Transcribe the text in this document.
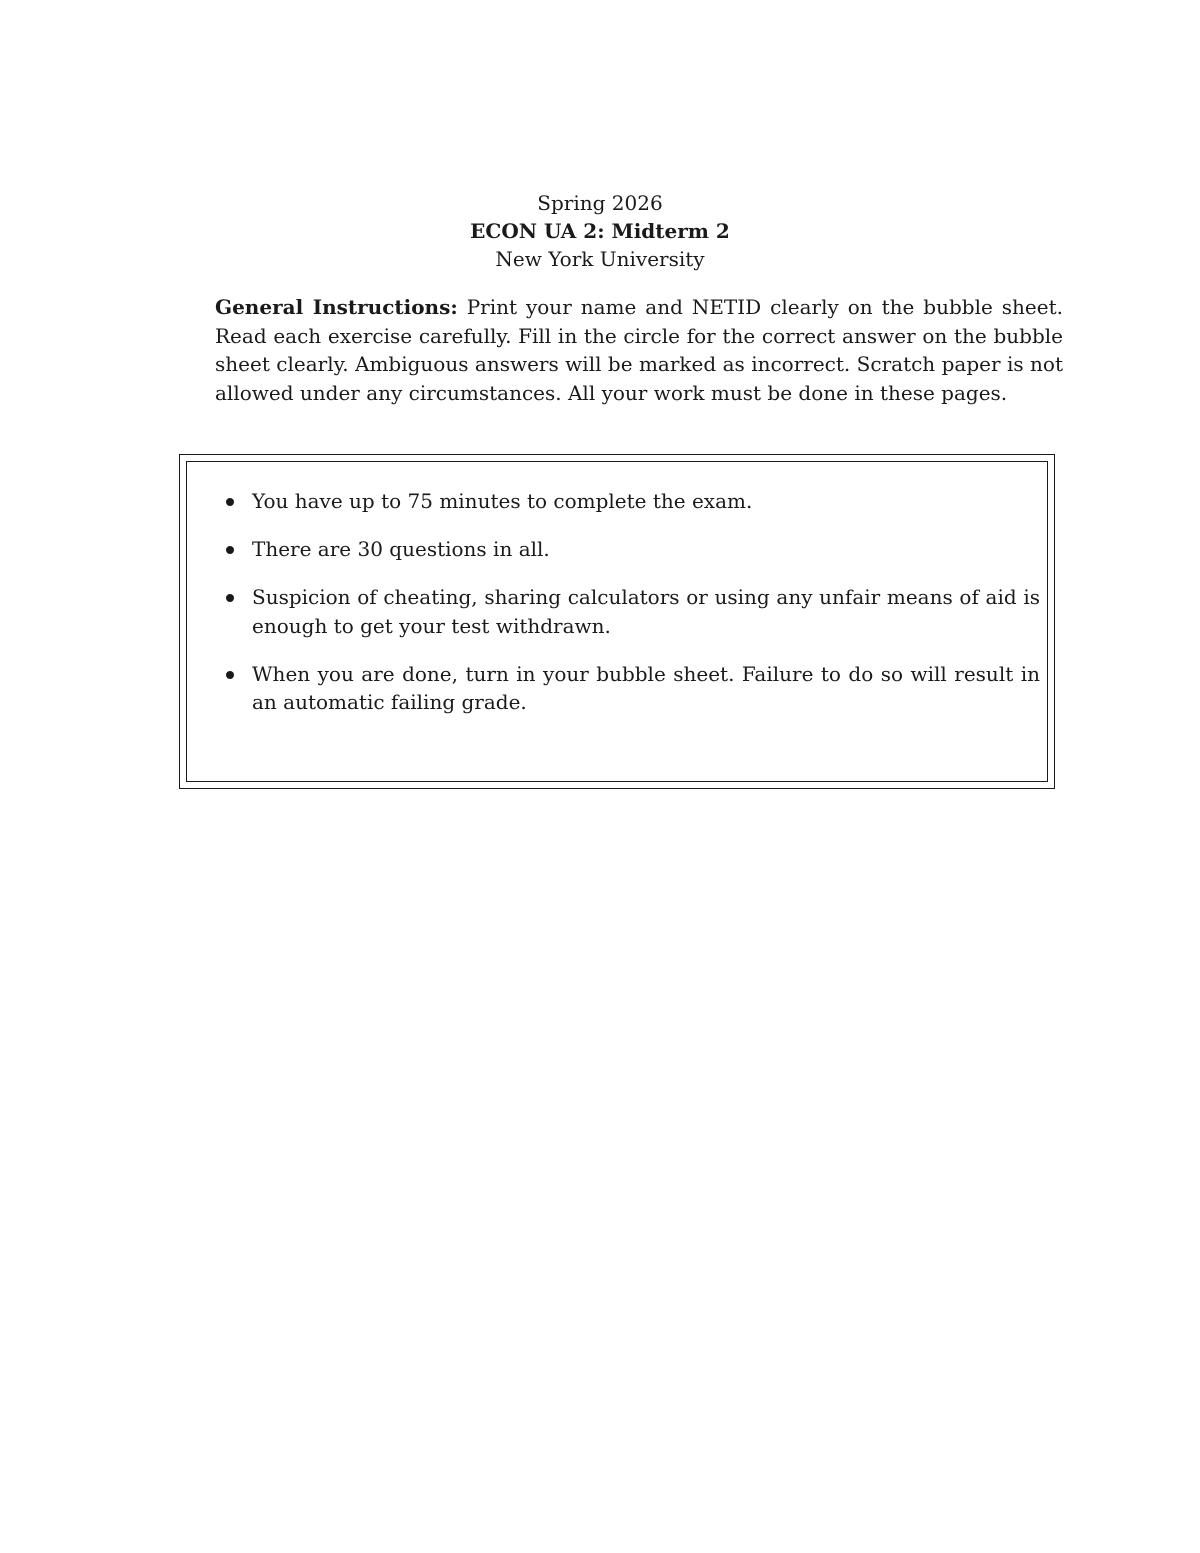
Spring 2026
ECON UA 2: Midterm 2
New York University
General Instructions: Print your name and NETID clearly on the bubble sheet. Read each exercise carefully. Fill in the circle for the correct answer on the bubble sheet clearly. Ambiguous answers will be marked as incorrect. Scratch paper is not allowed under any circumstances. All your work must be done in these pages.
You have up to 75 minutes to complete the exam.
There are 30 questions in all.
Suspicion of cheating, sharing calculators or using any unfair means of aid is enough to get your test withdrawn.
When you are done, turn in your bubble sheet. Failure to do so will result in an automatic failing grade.
